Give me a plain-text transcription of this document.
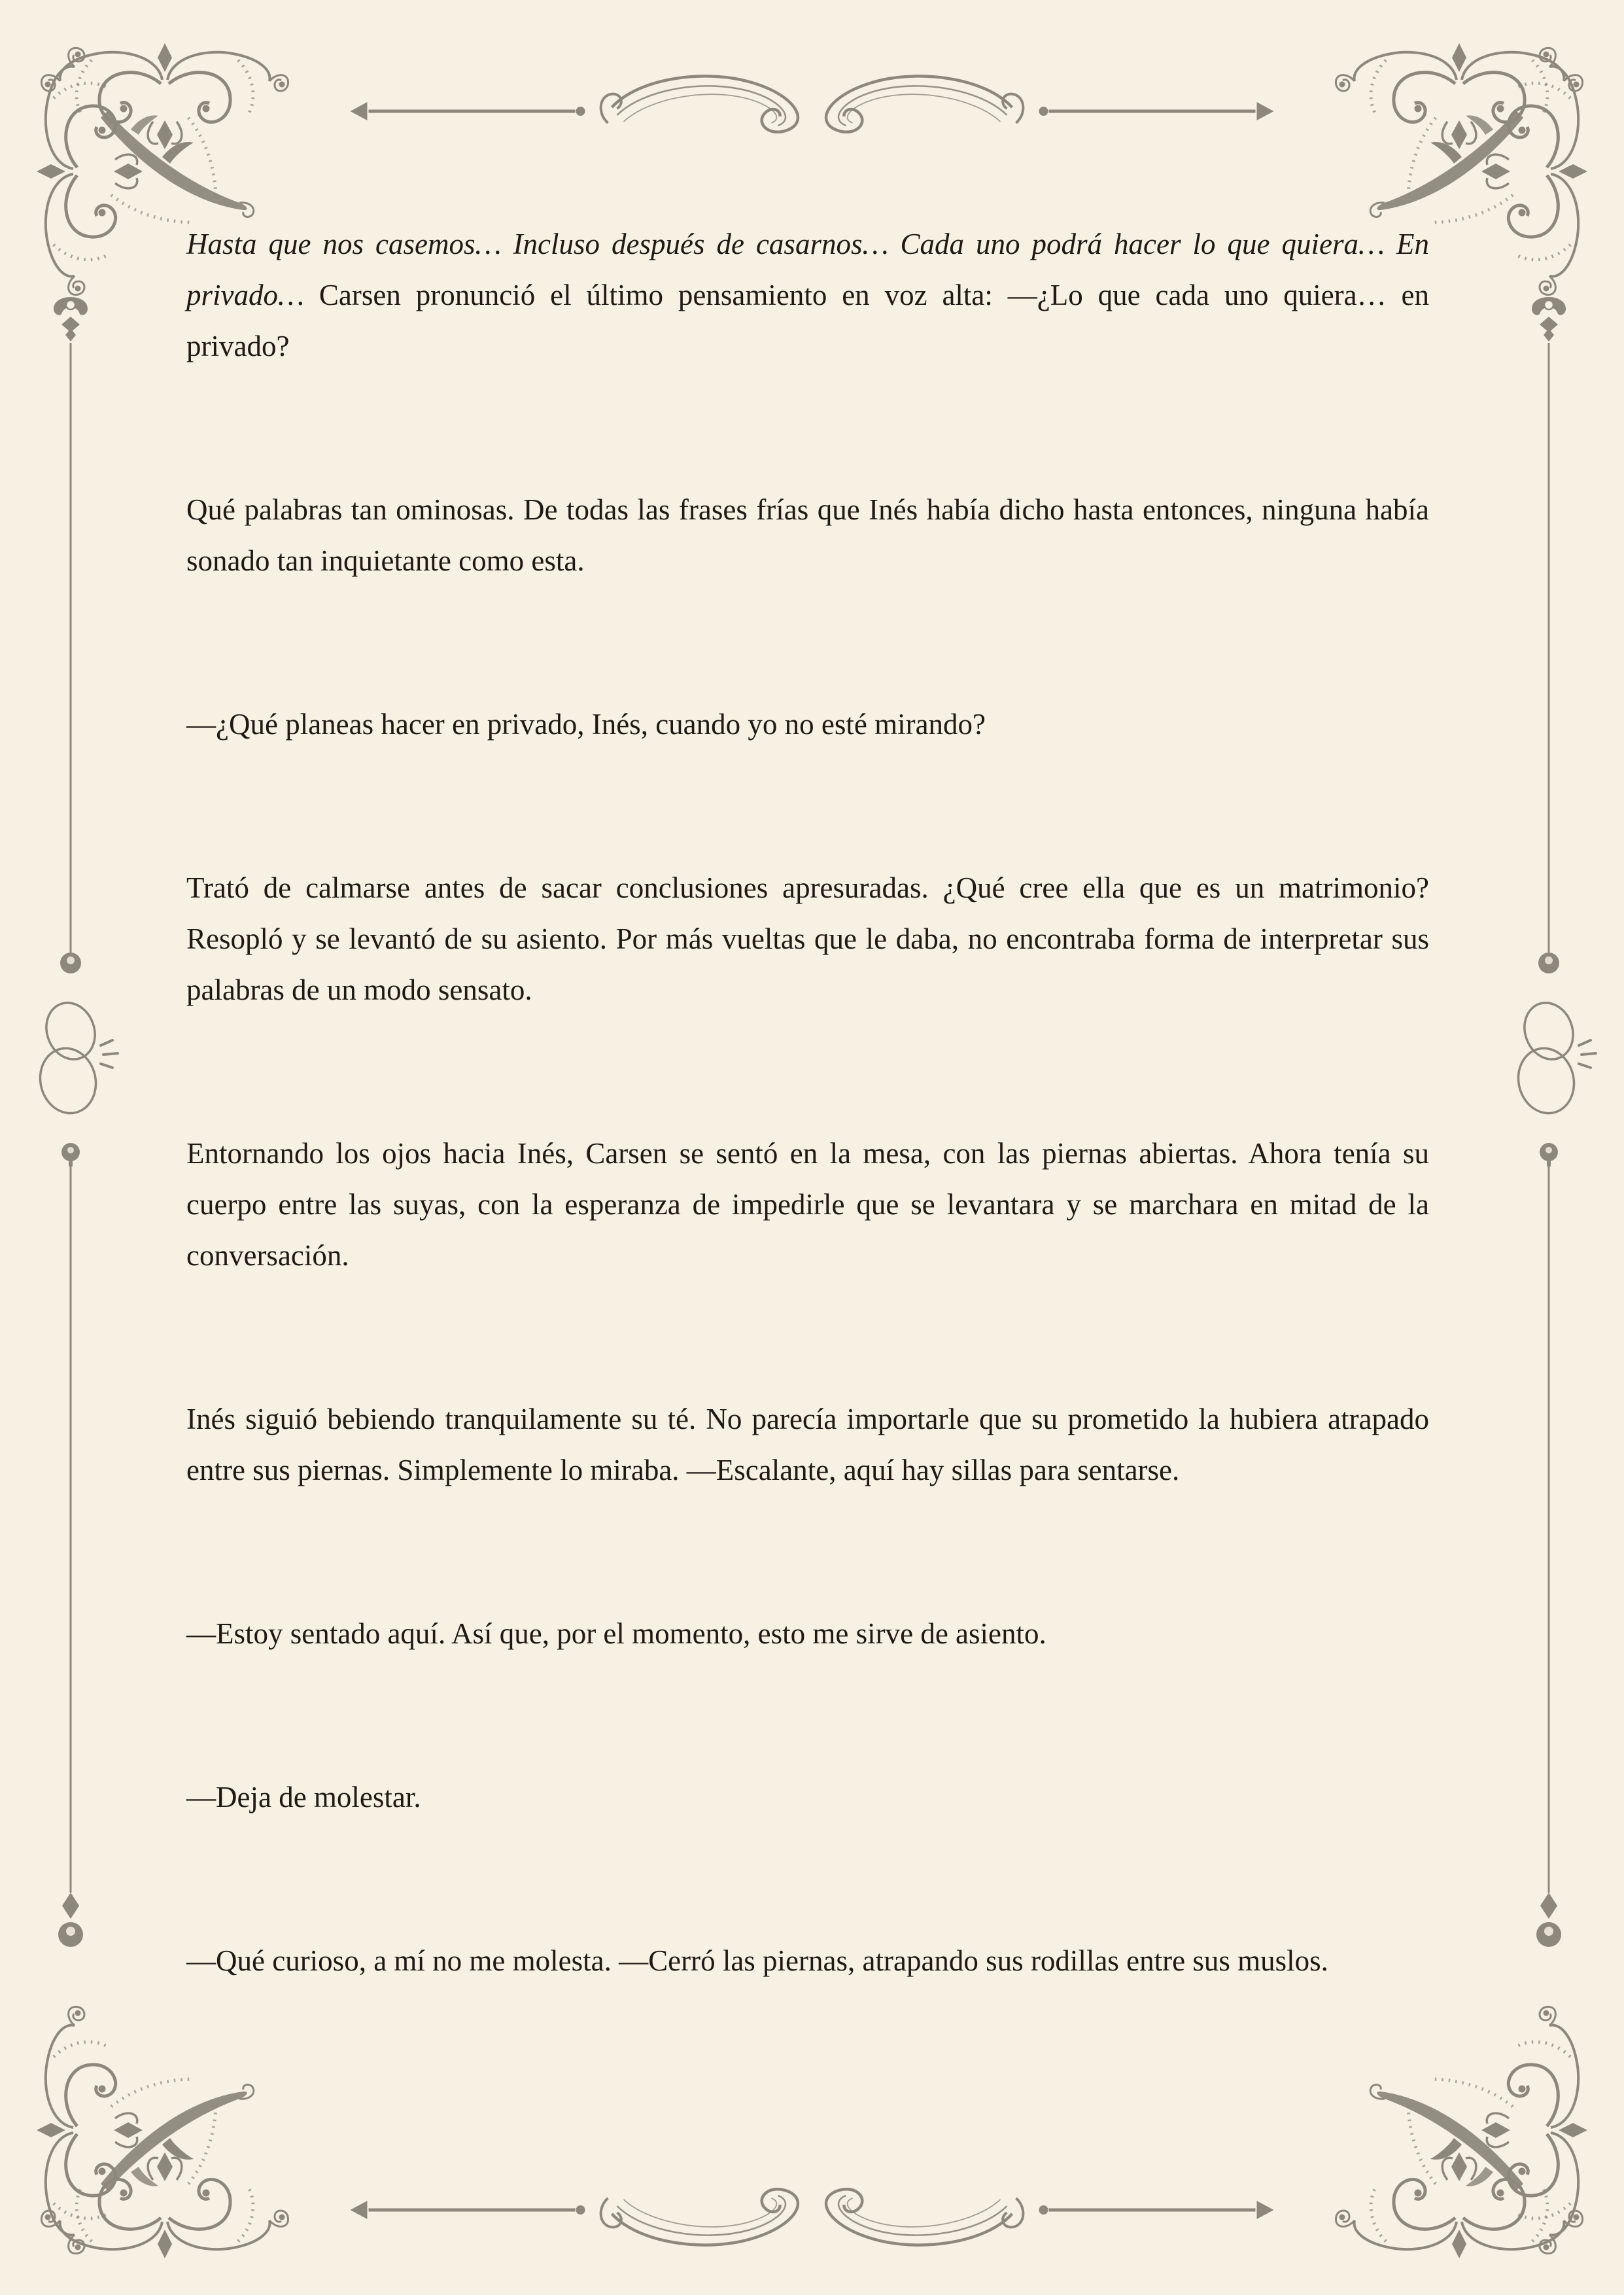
Hasta que nos casemos… Incluso después de casarnos… Cada uno podrá hacer lo que quiera… En privado… Carsen pronunció el último pensamiento en voz alta: —¿Lo que cada uno quiera… en privado?

Qué palabras tan ominosas. De todas las frases frías que Inés había dicho hasta entonces, ninguna había sonado tan inquietante como esta.

—¿Qué planeas hacer en privado, Inés, cuando yo no esté mirando?

Trató de calmarse antes de sacar conclusiones apresuradas. ¿Qué cree ella que es un matrimonio? Resopló y se levantó de su asiento. Por más vueltas que le daba, no encontraba forma de interpretar sus palabras de un modo sensato.

Entornando los ojos hacia Inés, Carsen se sentó en la mesa, con las piernas abiertas. Ahora tenía su cuerpo entre las suyas, con la esperanza de impedirle que se levantara y se marchara en mitad de la conversación.

Inés siguió bebiendo tranquilamente su té. No parecía importarle que su prometido la hubiera atrapado entre sus piernas. Simplemente lo miraba. —Escalante, aquí hay sillas para sentarse.

—Estoy sentado aquí. Así que, por el momento, esto me sirve de asiento.

—Deja de molestar.

—Qué curioso, a mí no me molesta. —Cerró las piernas, atrapando sus rodillas entre sus muslos.
